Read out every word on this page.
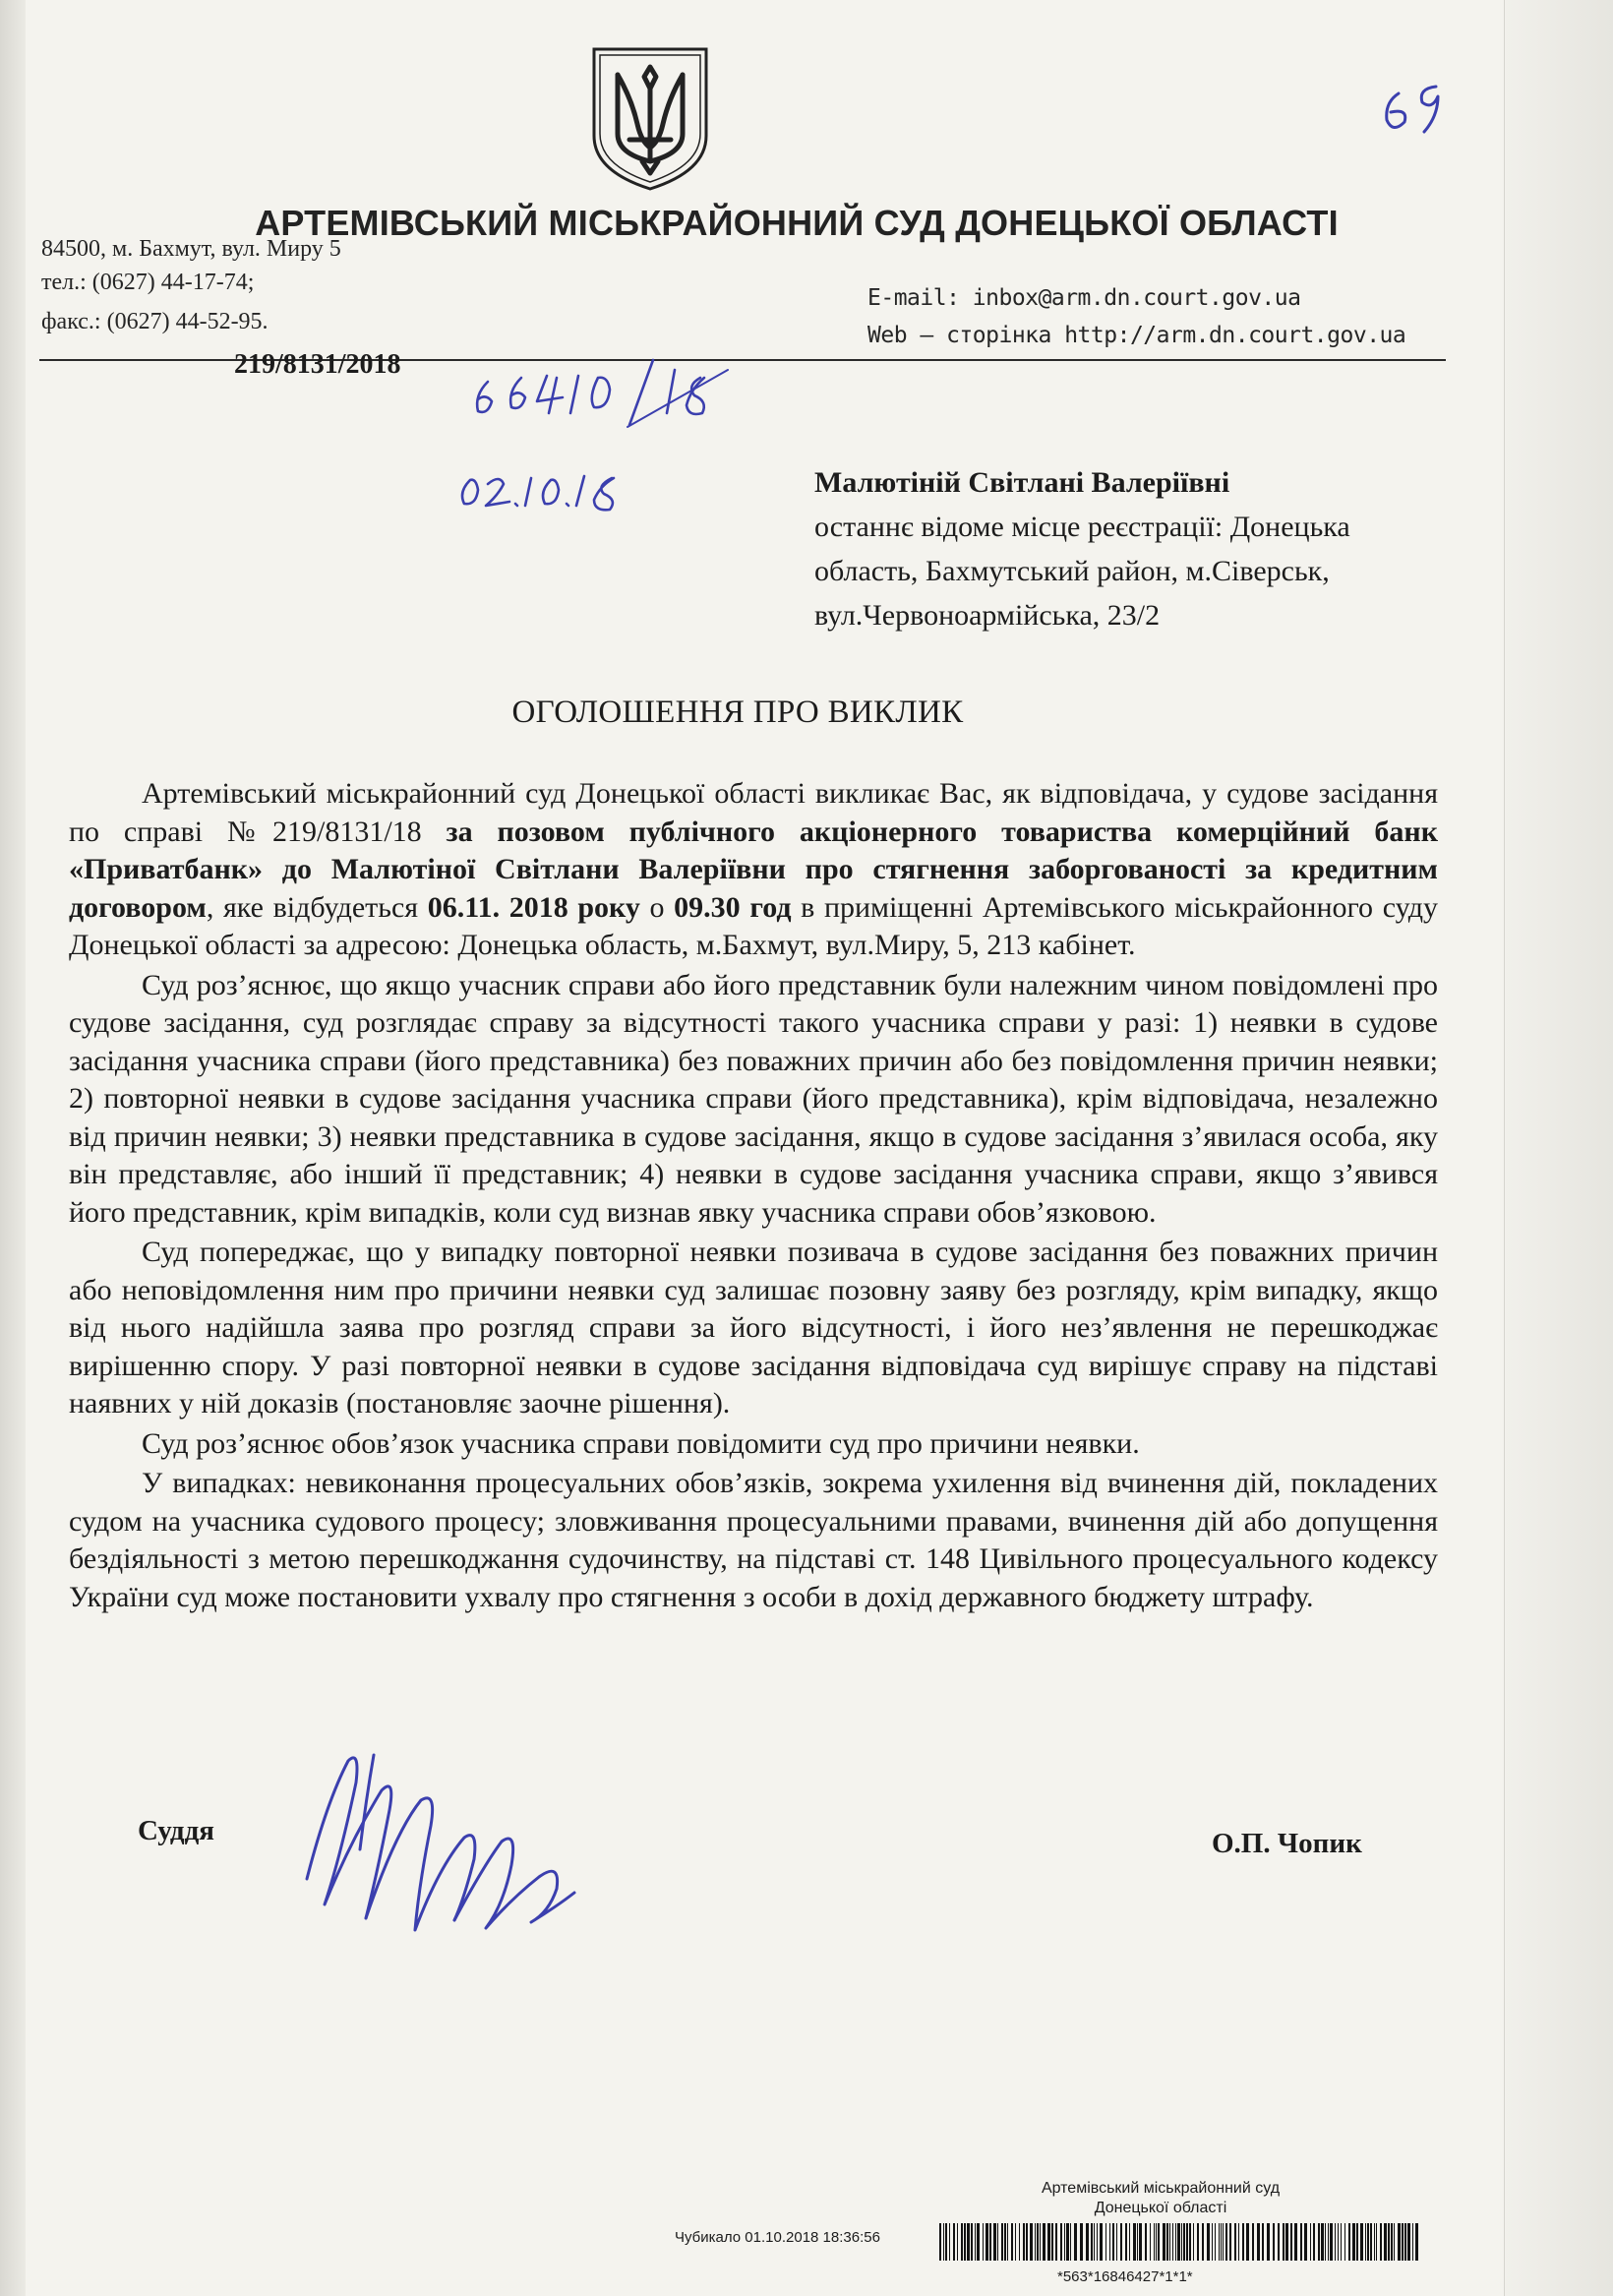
АРТЕМІВСЬКИЙ МІСЬКРАЙОННИЙ СУД ДОНЕЦЬКОЇ ОБЛАСТІ
84500, м. Бахмут, вул. Миру 5
тел.: (0627) 44-17-74;
факс.: (0627) 44-52-95.
E-mail: inbox@arm.dn.court.gov.ua
Web – сторінка http://arm.dn.court.gov.ua
219/8131/2018
Малютіній Світлані Валеріївні
останнє відоме місце реєстрації: Донецька
область, Бахмутський район, м.Сіверськ,
вул.Червоноармійська, 23/2
ОГОЛОШЕННЯ ПРО ВИКЛИК

Артемівський міськрайонний суд Донецької області викликає Вас, як відповідача, у судове засідання по справі №219/8131/18 за позовом публічного акціонерного товариства комерційний банк «Приватбанк» до Малютіної Світлани Валеріївни про стягнення заборгованості за кредитним договором, яке відбудеться 06.11. 2018 року о 09.30 год в приміщенні Артемівського міськрайонного суду Донецької області за адресою: Донецька область, м.Бахмут, вул.Миру, 5, 213 кабінет.

Суд роз’яснює, що якщо учасник справи або його представник були належним чином повідомлені про судове засідання, суд розглядає справу за відсутності такого учасника справи у разі: 1) неявки в судове засідання учасника справи (його представника) без поважних причин або без повідомлення причин неявки; 2) повторної неявки в судове засідання учасника справи (його представника), крім відповідача, незалежно від причин неявки; 3) неявки представника в судове засідання, якщо в судове засідання з’явилася особа, яку він представляє, або інший її представник; 4) неявки в судове засідання учасника справи, якщо з’явився його представник, крім випадків, коли суд визнав явку учасника справи обов’язковою.

Суд попереджає, що у випадку повторної неявки позивача в судове засідання без поважних причин або неповідомлення ним про причини неявки суд залишає позовну заяву без розгляду, крім випадку, якщо від нього надійшла заява про розгляд справи за його відсутності, і його нез’явлення не перешкоджає вирішенню спору. У разі повторної неявки в судове засідання відповідача суд вирішує справу на підставі наявних у ній доказів (постановляє заочне рішення).

Суд роз’яснює обов’язок учасника справи повідомити суд про причини неявки.

У випадках: невиконання процесуальних обов’язків, зокрема ухилення від вчинення дій, покладених судом на учасника судового процесу; зловживання процесуальними правами, вчинення дій або допущення бездіяльності з метою перешкоджання судочинству, на підставі ст. 148 Цивільного процесуального кодексу України суд може постановити ухвалу про стягнення з особи в дохід державного бюджету штрафу.

Суддя	О.П. Чопик
Артемівський міськрайонний суд
Донецької області
Чубикало 01.10.2018 18:36:56
*563*16846427*1*1*
